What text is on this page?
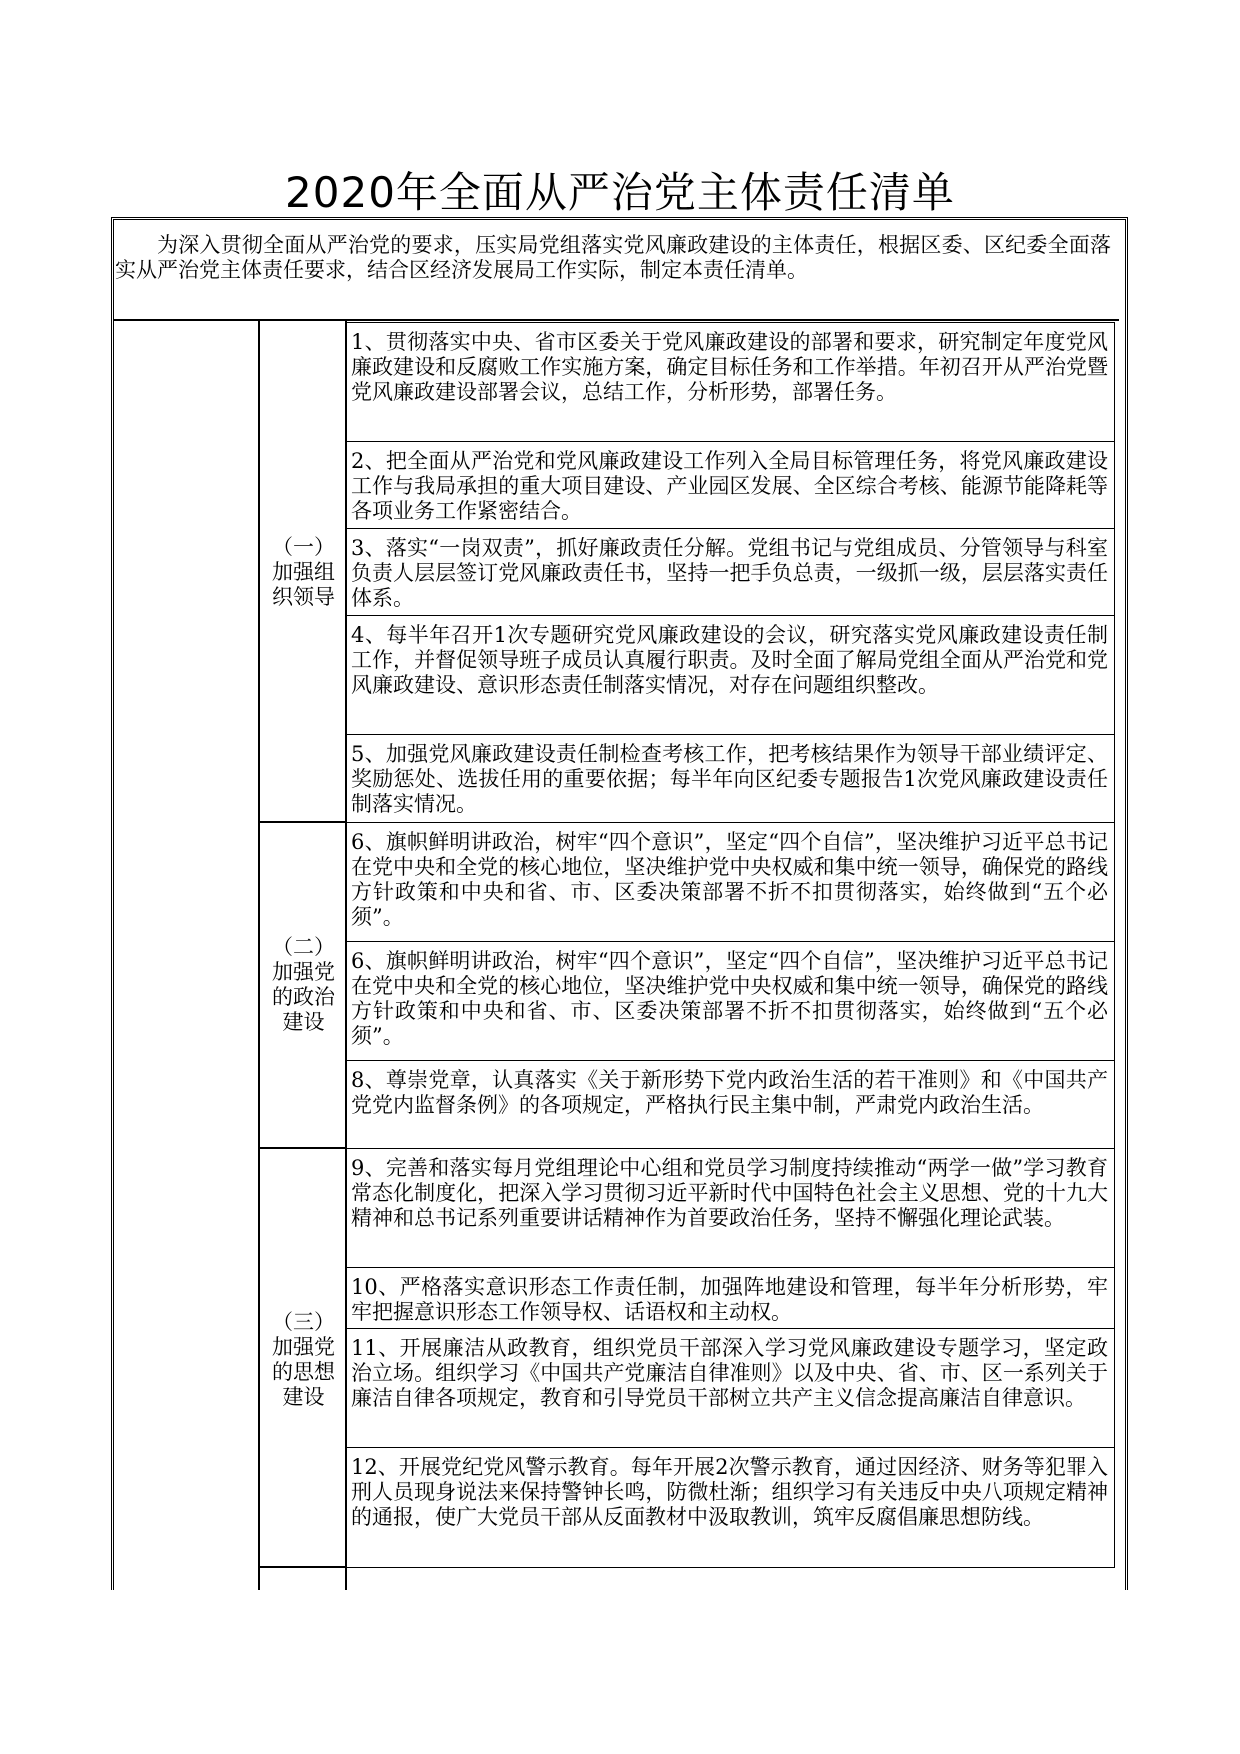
2020年全面从严治党主体责任清单
为深入贯彻全面从严治党的要求，压实局党组落实党风廉政建设的主体责任，根据区委、区纪委全面落实从严治党主体责任要求，结合区经济发展局工作实际，制定本责任清单。
（一）
加强组
织领导
1、贯彻落实中央、省市区委关于党风廉政建设的部署和要求，研究制定年度党风廉政建设和反腐败工作实施方案，确定目标任务和工作举措。年初召开从严治党暨党风廉政建设部署会议，总结工作，分析形势，部署任务。
2、把全面从严治党和党风廉政建设工作列入全局目标管理任务，将党风廉政建设工作与我局承担的重大项目建设、产业园区发展、全区综合考核、能源节能降耗等各项业务工作紧密结合。
3、落实“一岗双责”，抓好廉政责任分解。党组书记与党组成员、分管领导与科室负责人层层签订党风廉政责任书，坚持一把手负总责，一级抓一级，层层落实责任体系。
4、每半年召开1次专题研究党风廉政建设的会议，研究落实党风廉政建设责任制工作，并督促领导班子成员认真履行职责。及时全面了解局党组全面从严治党和党风廉政建设、意识形态责任制落实情况，对存在问题组织整改。
5、加强党风廉政建设责任制检查考核工作，把考核结果作为领导干部业绩评定、奖励惩处、选拔任用的重要依据；每半年向区纪委专题报告1次党风廉政建设责任制落实情况。
（二）
加强党
的政治
建设
6、旗帜鲜明讲政治，树牢“四个意识”，坚定“四个自信”，坚决维护习近平总书记在党中央和全党的核心地位，坚决维护党中央权威和集中统一领导，确保党的路线方针政策和中央和省、市、区委决策部署不折不扣贯彻落实，始终做到“五个必须”。
6、旗帜鲜明讲政治，树牢“四个意识”，坚定“四个自信”，坚决维护习近平总书记在党中央和全党的核心地位，坚决维护党中央权威和集中统一领导，确保党的路线方针政策和中央和省、市、区委决策部署不折不扣贯彻落实，始终做到“五个必须”。
8、尊崇党章，认真落实《关于新形势下党内政治生活的若干准则》和《中国共产党党内监督条例》的各项规定，严格执行民主集中制，严肃党内政治生活。
（三）
加强党
的思想
建设
9、完善和落实每月党组理论中心组和党员学习制度持续推动“两学一做”学习教育常态化制度化，把深入学习贯彻习近平新时代中国特色社会主义思想、党的十九大精神和总书记系列重要讲话精神作为首要政治任务，坚持不懈强化理论武装。
10、严格落实意识形态工作责任制，加强阵地建设和管理，每半年分析形势，牢牢把握意识形态工作领导权、话语权和主动权。
11、开展廉洁从政教育，组织党员干部深入学习党风廉政建设专题学习，坚定政治立场。组织学习《中国共产党廉洁自律准则》以及中央、省、市、区一系列关于廉洁自律各项规定，教育和引导党员干部树立共产主义信念提高廉洁自律意识。
12、开展党纪党风警示教育。每年开展2次警示教育，通过因经济、财务等犯罪入刑人员现身说法来保持警钟长鸣，防微杜渐；组织学习有关违反中央八项规定精神的通报，使广大党员干部从反面教材中汲取教训，筑牢反腐倡廉思想防线。
